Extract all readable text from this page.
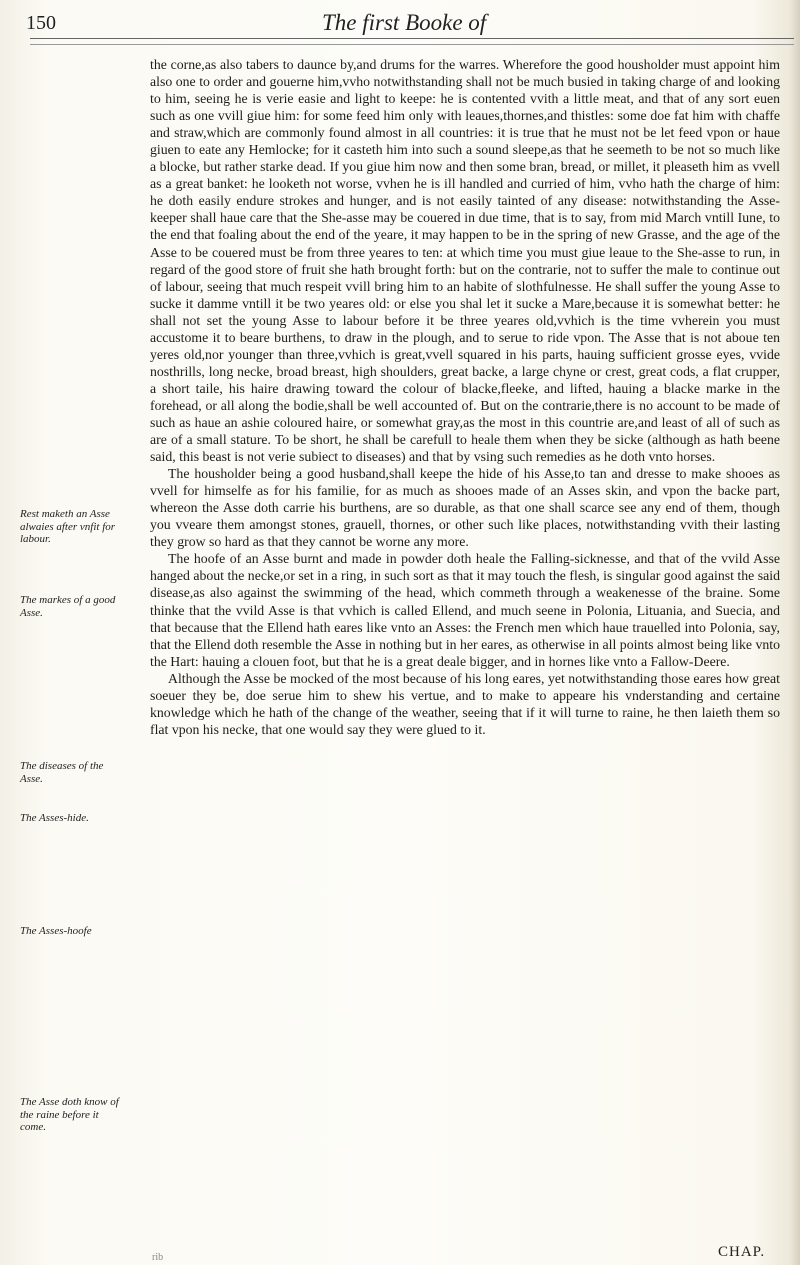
150	The first Booke of
Rest maketh an Asse alwaies after vnfit for labour.
The markes of a good Asse.
The diseases of the Asse.
The Asses-hide.
The Asses-hoofe
The Asse doth know of the raine before it come.

the corne,as also tabers to daunce by,and drums for the warres. Wherefore the good housholder must appoint him also one to order and gouerne him,vvho notwithstanding shall not be much busied in taking charge of and looking to him, seeing he is verie easie and light to keepe: he is contented vvith a little meat, and that of any sort euen such as one vvill giue him: for some feed him only with leaues,thornes,and thistles: some doe fat him with chaffe and straw,which are commonly found almost in all countries: it is true that he must not be let feed vpon or haue giuen to eate any Hemlocke; for it casteth him into such a sound sleepe,as that he seemeth to be not so much like a blocke, but rather starke dead. If you giue him now and then some bran, bread, or millet, it pleaseth him as vvell as a great banket: he looketh not worse, vvhen he is ill handled and curried of him, vvho hath the charge of him: he doth easily endure strokes and hunger, and is not easily tainted of any disease: notwithstanding the Asse-keeper shall haue care that the She-asse may be couered in due time, that is to say, from mid March vntill Iune, to the end that foaling about the end of the yeare, it may happen to be in the spring of new Grasse, and the age of the Asse to be couered must be from three yeares to ten: at which time you must giue leaue to the She-asse to run, in regard of the good store of fruit she hath brought forth: but on the contrarie, not to suffer the male to continue out of labour, seeing that much respeit vvill bring him to an habite of slothfulnesse. He shall suffer the young Asse to sucke it damme vntill it be two yeares old: or else you shal let it sucke a Mare,because it is somewhat better: he shall not set the young Asse to labour before it be three yeares old,vvhich is the time vvherein you must accustome it to beare burthens, to draw in the plough, and to serue to ride vpon. The Asse that is not aboue ten yeres old,nor younger than three,vvhich is great,vvell squared in his parts, hauing sufficient grosse eyes, vvide nosthrills, long necke, broad breast, high shoulders, great backe, a large chyne or crest, great cods, a flat crupper, a short taile, his haire drawing toward the colour of blacke,fleeke, and lifted, hauing a blacke marke in the forehead, or all along the bodie,shall be well accounted of. But on the contrarie,there is no account to be made of such as haue an ashie coloured haire, or somewhat gray,as the most in this countrie are,and least of all of such as are of a small stature. To be short, he shall be carefull to heale them when they be sicke (although as hath beene said, this beast is not verie subiect to diseases) and that by vsing such remedies as he doth vnto horses.

The housholder being a good husband,shall keepe the hide of his Asse,to tan and dresse to make shooes as vvell for himselfe as for his familie, for as much as shooes made of an Asses skin, and vpon the backe part, whereon the Asse doth carrie his burthens, are so durable, as that one shall scarce see any end of them, though you vveare them amongst stones, grauell, thornes, or other such like places, notwithstanding vvith their lasting they grow so hard as that they cannot be worne any more.

The hoofe of an Asse burnt and made in powder doth heale the Falling-sicknesse, and that of the vvild Asse hanged about the necke,or set in a ring, in such sort as that it may touch the flesh, is singular good against the said disease,as also against the swimming of the head, which commeth through a weakenesse of the braine. Some thinke that the vvild Asse is that vvhich is called Ellend, and much seene in Polonia, Lituania, and Suecia, and that because that the Ellend hath eares like vnto an Asses: the French men which haue trauelled into Polonia, say, that the Ellend doth resemble the Asse in nothing but in her eares, as otherwise in all points almost being like vnto the Hart: hauing a clouen foot, but that he is a great deale bigger, and in hornes like vnto a Fallow-Deere.

Although the Asse be mocked of the most because of his long eares, yet notwithstanding those eares how great soeuer they be, doe serue him to shew his vertue, and to make to appeare his vnderstanding and certaine knowledge which he hath of the change of the weather, seeing that if it will turne to raine, he then laieth them so flat vpon his necke, that one would say they were glued to it.

rib	CHAP.
